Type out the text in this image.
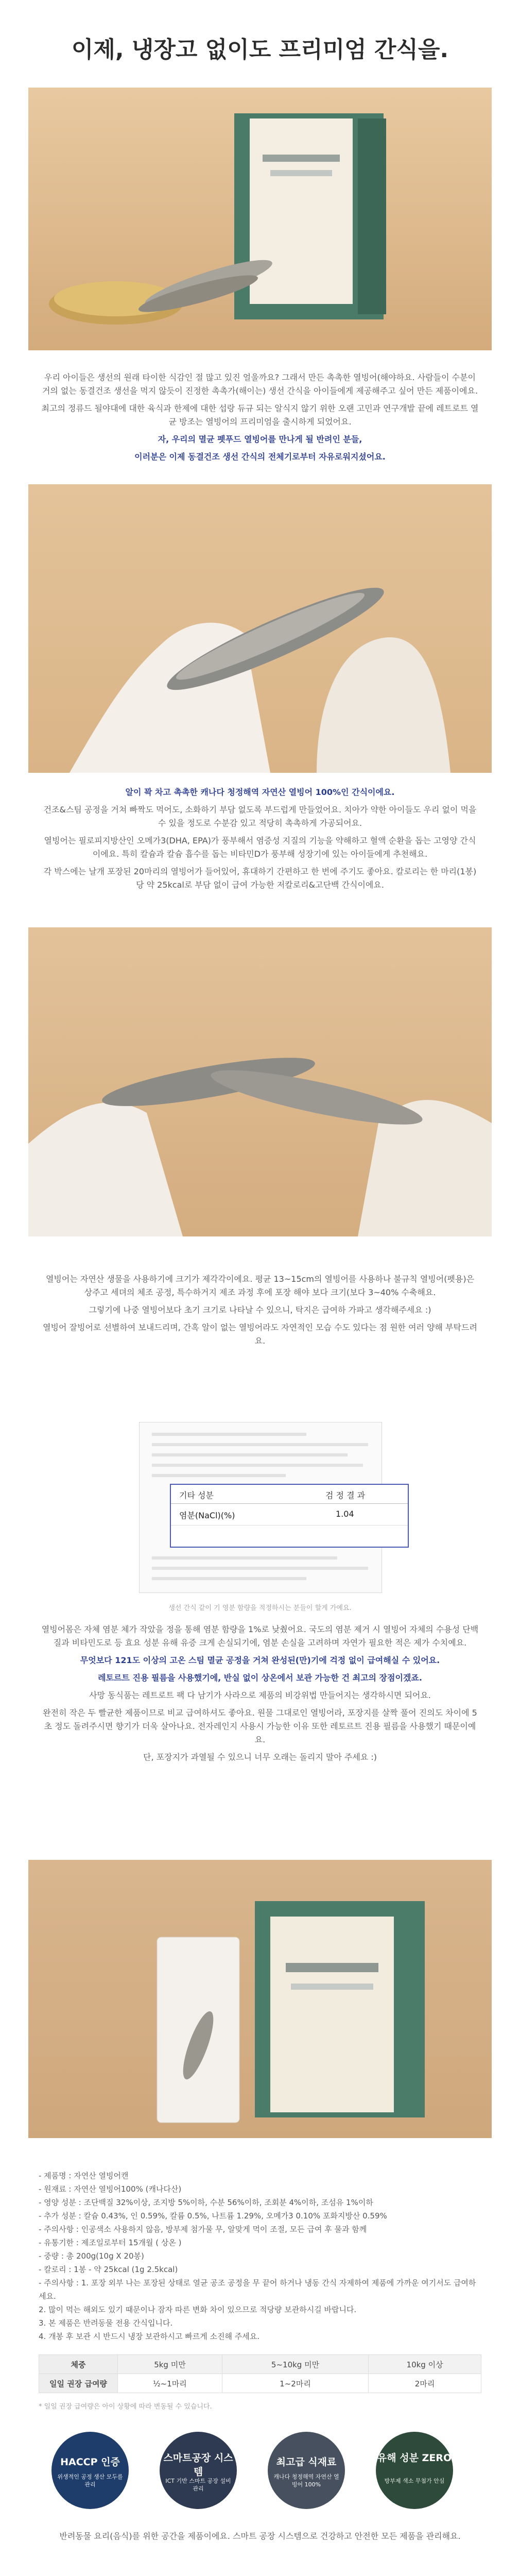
이제, 냉장고 없이도 프리미엄 간식을.

우리 아이들은 생선의 원래 타이한 식감인 절 많고 있진 얼울까요? 그래서 만든 촉촉한 열빙어(해야하요. 사람들이 수분이 거의 없는 동결건조 생선을 먹지 않듯이 진정한 촉촉가(해이는) 생선 간식을 아이들에게 제공해주고 싶어 만든 제품이에요.

최고의 정류드 될야대에 대한 육식과 한제에 대한 섭랑 듀규 되는 알식지 않기 위한 오랜 고민과 연구개발 끝에 레트로트 열균 방조는 열빙어의 프리미엄을 출시하게 되었어요.

자, 우리의 멸균 펫푸드 열빙어를 만나게 될 반려인 분들,

이러분은 이제 동결건조 생선 간식의 전체기로부터 자유로워지셨어요.

알이 꽉 차고 촉촉한 캐나다 청정해역 자연산 열빙어 100%인 간식이에요.

건조&스팀 공정을 거쳐 빠짝도 먹어도, 소화하기 부담 없도록 부드럽게 만들었어요. 치아가 약한 아이들도 우리 없이 먹을 수 있을 정도로 수분감 있고 적당히 촉촉하게 가공되어요.

열빙어는 필로피지방산인 오메가3(DHA, EPA)가 풍부해서 염증성 지질의 기능을 약해하고 혈액 순환을 돕는 고영양 간식이에요. 특히 칼슘과 칼슘 흡수를 돕는 비타민D가 풍부해 성장기에 있는 아이들에게 추천해요.

각 박스에는 날개 포장된 20마리의 열빙어가 들어있어, 휴대하기 간편하고 한 번에 주기도 좋아요. 칼로리는 한 마리(1봉) 당 약 25kcal로 부담 없이 급여 가능한 저칼로리&고단백 간식이에요.

열빙어는 자연산 생물을 사용하기에 크기가 제각각이에요. 평균 13~15cm의 열빙어를 사용하나 불규칙 열빙어(펫용)은 상주고 세뎌의 체조 공정, 특수하거지 제조 과정 후에 포장 해야 보다 크기(보다 3~40% 수축해요.

그렇기에 나중 열빙어보다 초기 크기로 나타날 수 있으니, 탁지은 급여하 가파고 생각해주세요 :)

열빙어 잘빙어로 선별하여 보내드리며, 간혹 알이 없는 열빙어라도 자연적인 모습 수도 있다는 점 원한 여러 양해 부탁드려요.

기타 성분	검 정 결 과
염분(NaCl)(%)	1.04
생선 간식 같이 기 영분 함량을 적정하시는 분들이 할게 가예요.

열빙어몸은 자체 염분 체가 작았을 정을 통해 염분 함량을 1%로 낮췄어요. 국도의 염분 제거 시 열빙어 자체의 수용성 단백질과 비타민도로 등 효요 성분 유해 유증 크게 손실되기에, 염분 손실을 고려하며 자연가 필요한 적은 제가 수치예요.

무엇보다 121도 이상의 고온 스팀 멸균 공정을 거쳐 완성된(만)기에 걱정 없이 급여해실 수 있어요.

레토르트 진용 필름을 사용했기에, 반실 없이 상온에서 보관 가능한 건 최고의 장점이겠죠.

사망 동식품는 레트로트 팩 다 남기가 사라으로 제품의 비강위법 만들어지는 생각하시면 되어요.

완전히 작은 두 빨균한 제품이므로 비교 급여하셔도 좋아요. 원물 그대로인 열빙어라, 포장지를 살짝 풀어 진의도 차이에 5초 정도 돌려주시면 향기가 더욱 살아나요. 전자레인지 사용시 가능한 이유 또한 레토르트 진용 필름을 사용했기 때문이예요.

단, 포장지가 과열될 수 있으니 너무 오래는 돌리지 말아 주세요 :)

- 제품명 : 자연산 열빙어캔

- 원재료 : 자연산 열빙어100% (캐나다산)

- 영양 성분 : 조단백질 32%이상, 조지방 5%이하, 수분 56%이하, 조회분 4%이하, 조섬유 1%이하

- 추가 성분 : 칼슘 0.43%, 인 0.59%, 칼륨 0.5%, 나트륨 1.29%, 오메가3 0.10% 포화지방산 0.59%

- 주의사항 : 인공색소 사용하지 않음, 방부제 첨가물 무, 알맞게 먹이 조절, 모든 급여 후 물과 함께

- 유통기한 : 제조일로부터 15개월 ( 상온 )

- 중량 : 총 200g(10g X 20봉)

- 칼로리 : 1봉 - 약 25kcal (1g 2.5kcal)

- 주의사항 : 1. 포장 외부 나는 포장된 상태로 열균 공조 공정을 무 끝어 하거나 냉동 간식 자제하여 제품에 가까운 여기서도 급여하세요.

2. 많이 먹는 해외도 있기 때문이나 잠자 따른 변화 차이 있으므로 적당량 보관하시길 바랍니다.

3. 본 제품은 반려동물 전용 간식입니다.

4. 개봉 후 보관 시 반드시 냉장 보관하시고 빠르게 소진해 주세요.

체중	5kg 미만	5~10kg 미만	10kg 이상
일일 권장 급여량	½~1마리	1~2마리	2마리
* 일일 권장 급여량은 아이 상황에 따라 변동될 수 있습니다.
HACCP 인증
위생적인 공정 생산 모두를 관리
스마트공장 시스템
ICT 기반 스마트 공장 설비 관리
최고급 식재료
캐나다 청정해역 자연산 열빙어 100%
유해 성분 ZERO
방부제 색소 무첨가 안심

반려동물 요리(음식)를 위한 공간을 제품이에요. 스마트 공장 시스템으로 건강하고 안전한 모든 제품을 관리해요.
